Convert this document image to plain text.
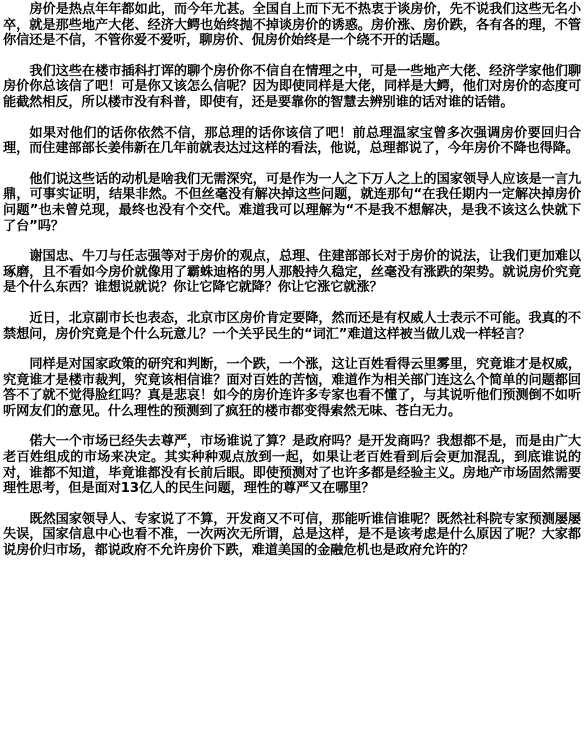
房价是热点年年都如此，而今年尤甚。全国自上而下无不热衷于谈房价，先不说我们这些无名小卒，就是那些地产大佬、经济大鳄也始终抛不掉谈房价的诱惑。房价涨、房价跌，各有各的理，不管你信还是不信，不管你爱不爱听，聊房价、侃房价始终是一个绕不开的话题。

我们这些在楼市插科打诨的聊个房价你不信自在情理之中，可是一些地产大佬、经济学家他们聊房价你总该信了吧！可是你又该怎么信呢？因为即使同样是大佬，同样是大鳄，他们对房价的态度可能截然相反，所以楼市没有科普，即使有，还是要靠你的智慧去辨别谁的话对谁的话错。

如果对他们的话你依然不信，那总理的话你该信了吧！前总理温家宝曾多次强调房价要回归合理，而住建部部长姜伟新在几年前就表达过这样的看法，他说，总理都说了，今年房价不降也得降。

他们说这些话的动机是啥我们无需深究，可是作为一人之下万人之上的国家领导人应该是一言九鼎，可事实证明，结果非然。不但丝毫没有解决掉这些问题，就连那句“在我任期内一定解决掉房价问题”也未曾兑现，最终也没有个交代。难道我可以理解为“不是我不想解决，是我不该这么快就下了台”吗？

谢国忠、牛刀与任志强等对于房价的观点，总理、住建部部长对于房价的说法，让我们更加难以琢磨，且不看如今房价就像用了霸蛛迪格的男人那般持久稳定，丝毫没有涨跌的架势。就说房价究竟是个什么东西？谁想说就说？你让它降它就降？你让它涨它就涨？

近日，北京副市长也表态，北京市区房价肯定要降，然而还是有权威人士表示不可能。我真的不禁想问，房价究竟是个什么玩意儿？一个关乎民生的“词汇”难道这样被当做儿戏一样轻言？

同样是对国家政策的研究和判断，一个跌，一个涨，这让百姓看得云里雾里，究竟谁才是权威，究竟谁才是楼市裁判，究竟该相信谁？面对百姓的苦恼，难道作为相关部门连这么个简单的问题都回答不了就不觉得脸红吗？真是悲哀！如今的房价连许多专家也看不懂了，与其说听他们预测倒不如听听网友们的意见。什么理性的预测到了疯狂的楼市都变得索然无味、苍白无力。

偌大一个市场已经失去尊严，市场谁说了算？是政府吗？是开发商吗？我想都不是，而是由广大老百姓组成的市场来决定。其实种种观点放到一起，如果让老百姓看到后会更加混乱，到底谁说的对，谁都不知道，毕竟谁都没有长前后眼。即使预测对了也许多都是经验主义。房地产市场固然需要理性思考，但是面对13亿人的民生问题，理性的尊严又在哪里？

既然国家领导人、专家说了不算，开发商又不可信，那能听谁信谁呢？既然社科院专家预测屡屡失误，国家信息中心也看不准，一次两次无所谓，总是这样，是不是该考虑是什么原因了呢？大家都说房价归市场，都说政府不允许房价下跌，难道美国的金融危机也是政府允许的？
